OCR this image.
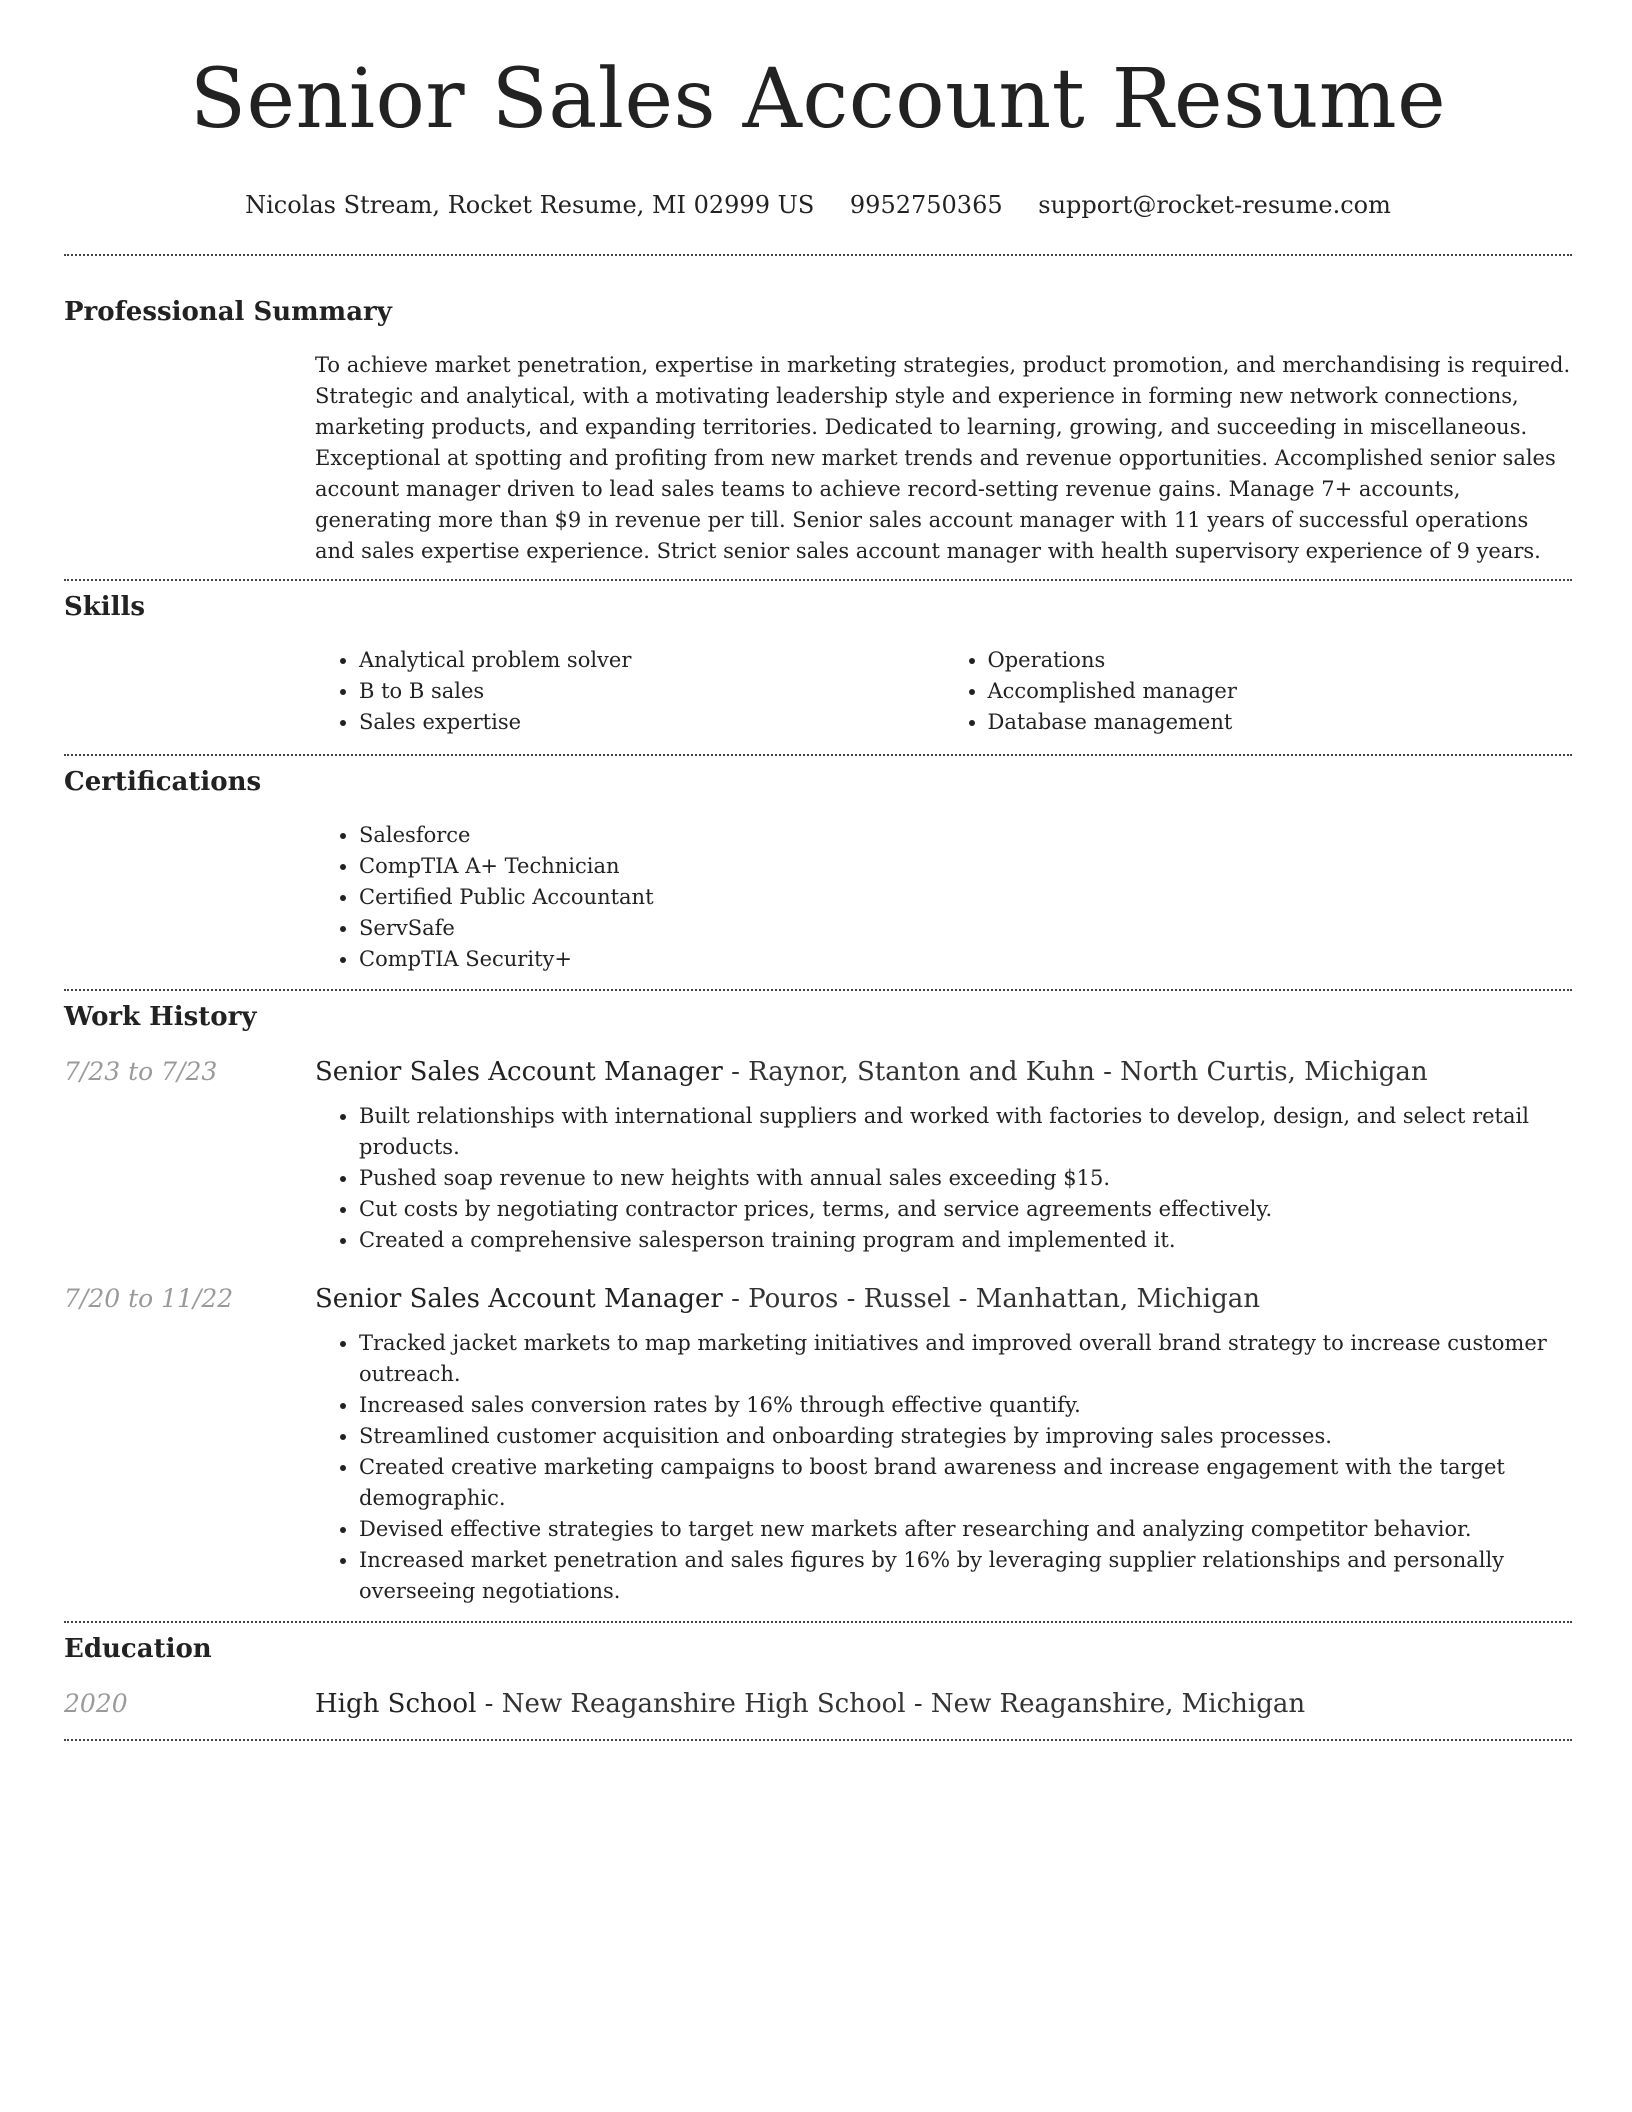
Senior Sales Account Resume
Nicolas Stream, Rocket Resume, MI 02999 US 9952750365 support@rocket-resume.com
Professional Summary

To achieve market penetration, expertise in marketing strategies, product promotion, and merchandising is required. Strategic and analytical, with a motivating leadership style and experience in forming new network connections, marketing products, and expanding territories. Dedicated to learning, growing, and succeeding in miscellaneous. Exceptional at spotting and profiting from new market trends and revenue opportunities. Accomplished senior sales account manager driven to lead sales teams to achieve record-setting revenue gains. Manage 7+ accounts, generating more than $9 in revenue per till. Senior sales account manager with 11 years of successful operations and sales expertise experience. Strict senior sales account manager with health supervisory experience of 9 years.

Skills
• Analytical problem solver
• B to B sales
• Sales expertise
• Operations
• Accomplished manager
• Database management
Certifications
• Salesforce
• CompTIA A+ Technician
• Certified Public Accountant
• ServSafe
• CompTIA Security+
Work History
7/23 to 7/23	Senior Sales Account Manager - Raynor, Stanton and Kuhn - North Curtis, Michigan
• Built relationships with international suppliers and worked with factories to develop, design, and select retail products.
• Pushed soap revenue to new heights with annual sales exceeding $15.
• Cut costs by negotiating contractor prices, terms, and service agreements effectively.
• Created a comprehensive salesperson training program and implemented it.
7/20 to 11/22	Senior Sales Account Manager - Pouros - Russel - Manhattan, Michigan
• Tracked jacket markets to map marketing initiatives and improved overall brand strategy to increase customer outreach.
• Increased sales conversion rates by 16% through effective quantify.
• Streamlined customer acquisition and onboarding strategies by improving sales processes.
• Created creative marketing campaigns to boost brand awareness and increase engagement with the target demographic.
• Devised effective strategies to target new markets after researching and analyzing competitor behavior.
• Increased market penetration and sales figures by 16% by leveraging supplier relationships and personally overseeing negotiations.
Education
2020	High School - New Reaganshire High School - New Reaganshire, Michigan
